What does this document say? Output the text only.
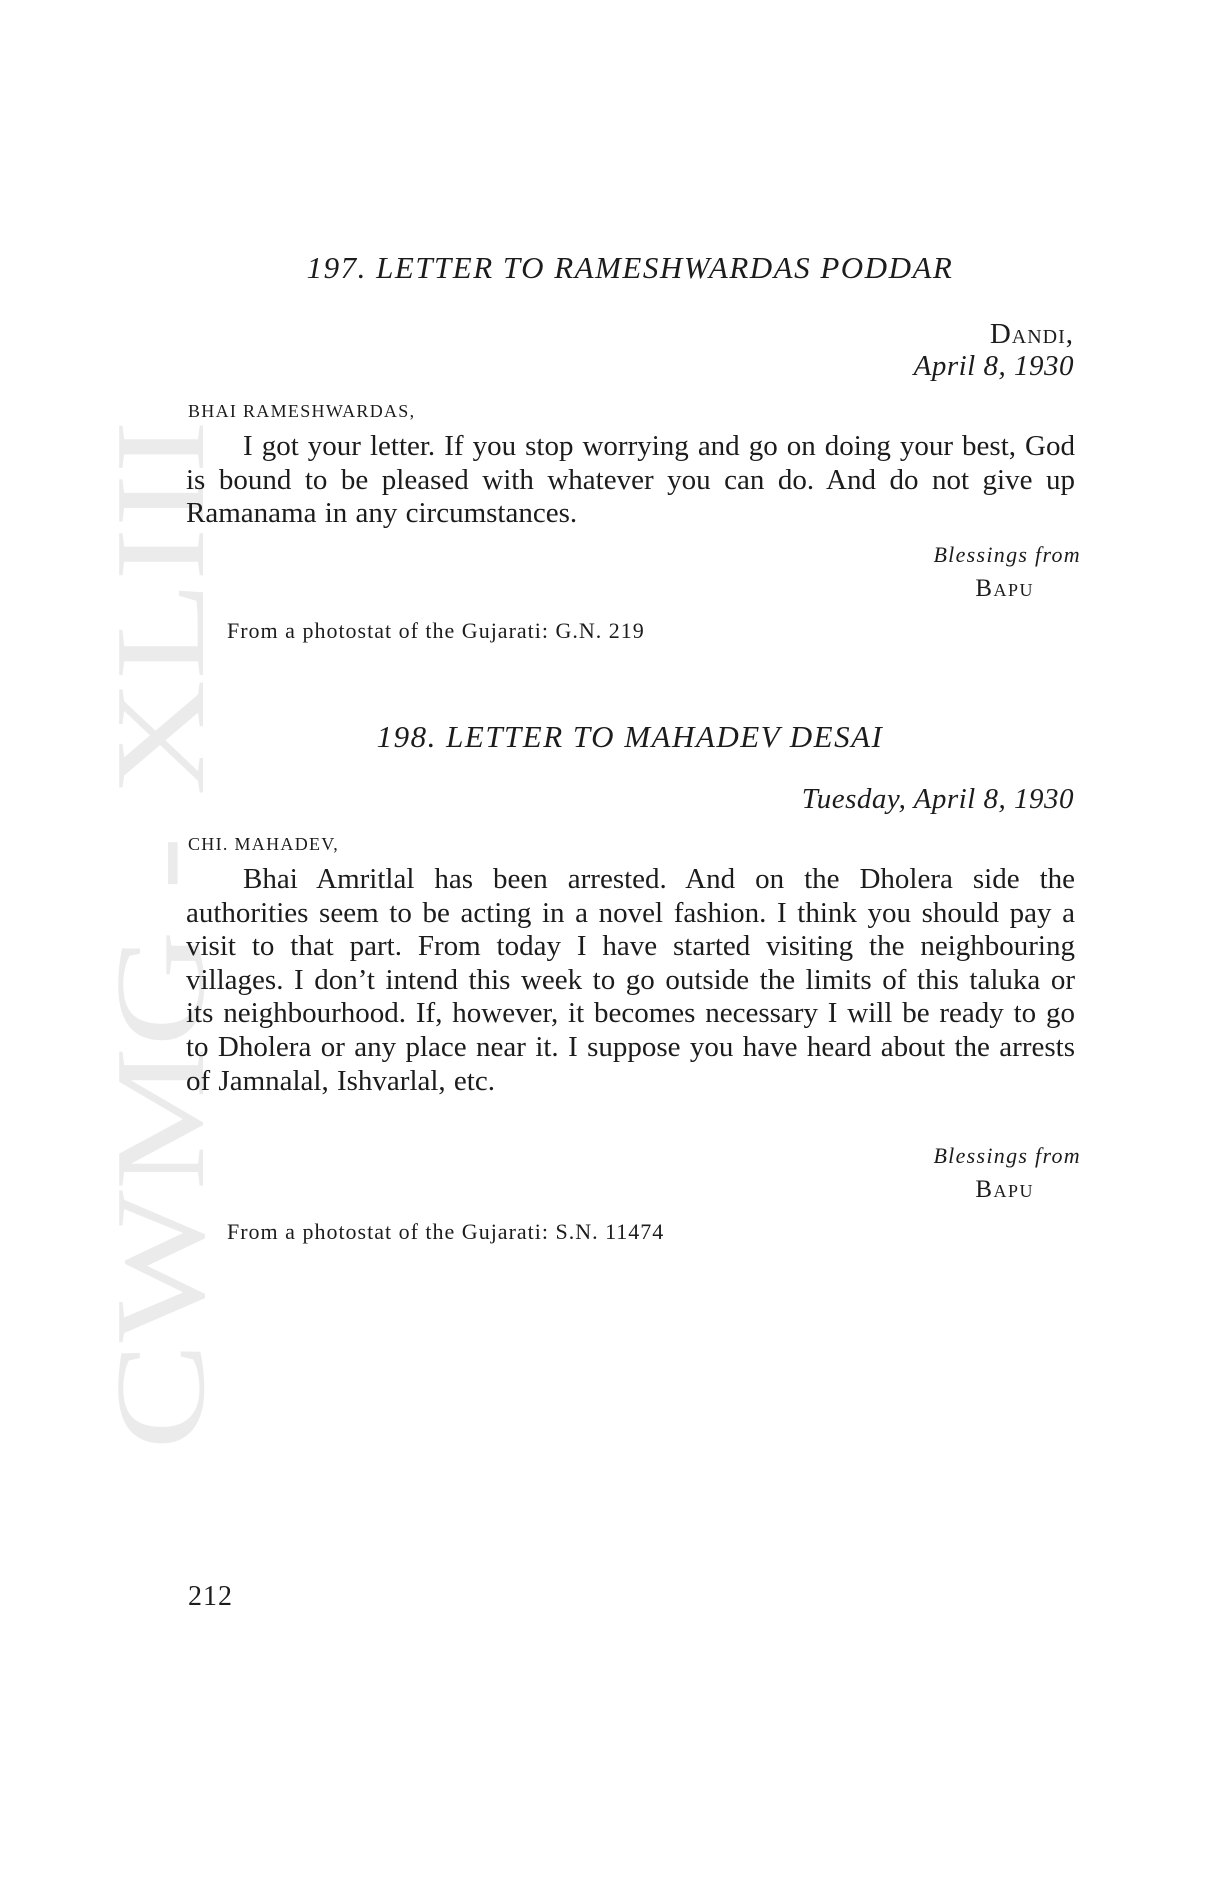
CWMG - XLIII
197. LETTER TO RAMESHWARDAS PODDAR
Dandi,
April 8, 1930
BHAI RAMESHWARDAS,
I got your letter. If you stop worrying and go on doing your best, God is bound to be pleased with whatever you can do. And do not give up Ramanama in any circumstances.
Blessings from
Bapu
From a photostat of the Gujarati: G.N. 219
198. LETTER TO MAHADEV DESAI
Tuesday, April 8, 1930
CHI. MAHADEV,
Bhai Amritlal has been arrested. And on the Dholera side the authorities seem to be acting in a novel fashion. I think you should pay a visit to that part. From today I have started visiting the neighbouring villages. I don’t intend this week to go outside the limits of this taluka or its neighbourhood. If, however, it becomes necessary I will be ready to go to Dholera or any place near it. I suppose you have heard about the arrests of Jamnalal, Ishvarlal, etc.
Blessings from
Bapu
From a photostat of the Gujarati: S.N. 11474
212
